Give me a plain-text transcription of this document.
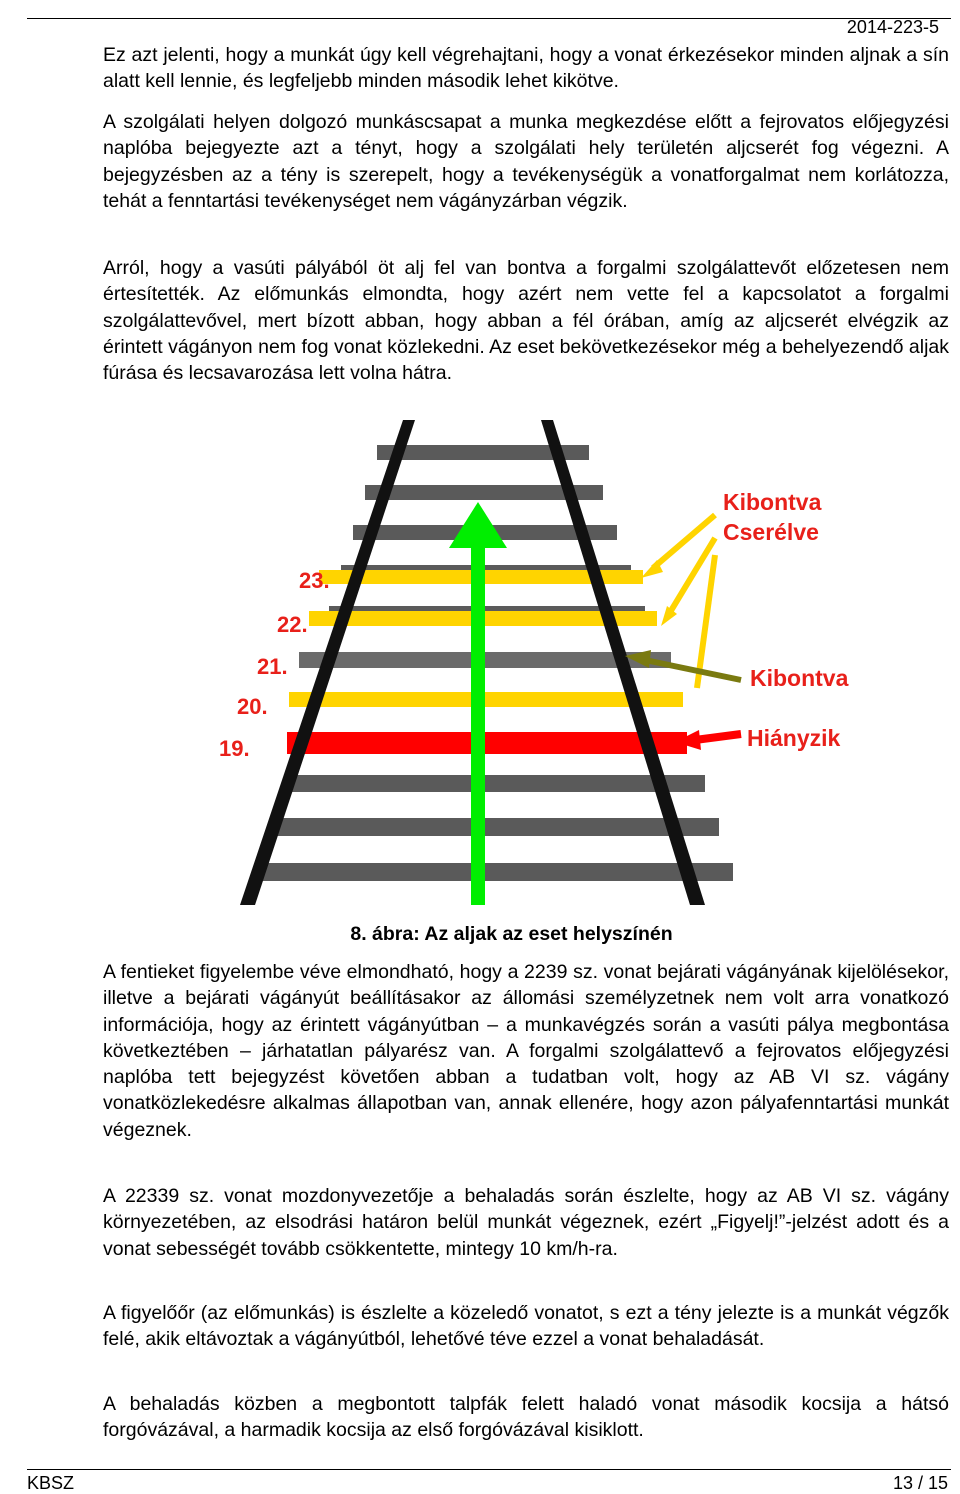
2014-223-5

Ez azt jelenti, hogy a munkát úgy kell végrehajtani, hogy a vonat érkezésekor minden aljnak a sín alatt kell lennie, és legfeljebb minden második lehet kikötve.

A szolgálati helyen dolgozó munkáscsapat a munka megkezdése előtt a fejrovatos előjegyzési naplóba bejegyezte azt a tényt, hogy a szolgálati hely területén aljcserét fog végezni. A bejegyzésben az a tény is szerepelt, hogy a tevékenységük a vonatforgalmat nem korlátozza, tehát a fenntartási tevékenységet nem vágányzárban végzik.

Arról, hogy a vasúti pályából öt alj fel van bontva a forgalmi szolgálattevőt előzetesen nem értesítették. Az előmunkás elmondta, hogy azért nem vette fel a kapcsolatot a forgalmi szolgálattevővel, mert bízott abban, hogy abban a fél órában, amíg az aljcserét elvégzik az érintett vágányon nem fog vonat közlekedni. Az eset bekövetkezésekor még a behelyezendő aljak fúrása és lecsavarozása lett volna hátra.

23.
22.
21.
20.
19.
Kibontva
Cserélve
Kibontva
Hiányzik
8. ábra: Az aljak az eset helyszínén

A fentieket figyelembe véve elmondható, hogy a 2239 sz. vonat bejárati vágányának kijelölésekor, illetve a bejárati vágányút beállításakor az állomási személyzetnek nem volt arra vonatkozó információja, hogy az érintett vágányútban – a munkavégzés során a vasúti pálya megbontása következtében – járhatatlan pályarész van. A forgalmi szolgálattevő a fejrovatos előjegyzési naplóba tett bejegyzést követően abban a tudatban volt, hogy az AB VI sz. vágány vonatközlekedésre alkalmas állapotban van, annak ellenére, hogy azon pályafenntartási munkát végeznek.

A 22339 sz. vonat mozdonyvezetője a behaladás során észlelte, hogy az AB VI sz. vágány környezetében, az elsodrási határon belül munkát végeznek, ezért „Figyelj!”-jelzést adott és a vonat sebességét tovább csökkentette, mintegy 10 km/h-ra.

A figyelőőr (az előmunkás) is észlelte a közeledő vonatot, s ezt a tény jelezte is a munkát végzők felé, akik eltávoztak a vágányútból, lehetővé téve ezzel a vonat behaladását.

A behaladás közben a megbontott talpfák felett haladó vonat második kocsija a hátsó forgóvázával, a harmadik kocsija az első forgóvázával kisiklott.

KBSZ	13 / 15
